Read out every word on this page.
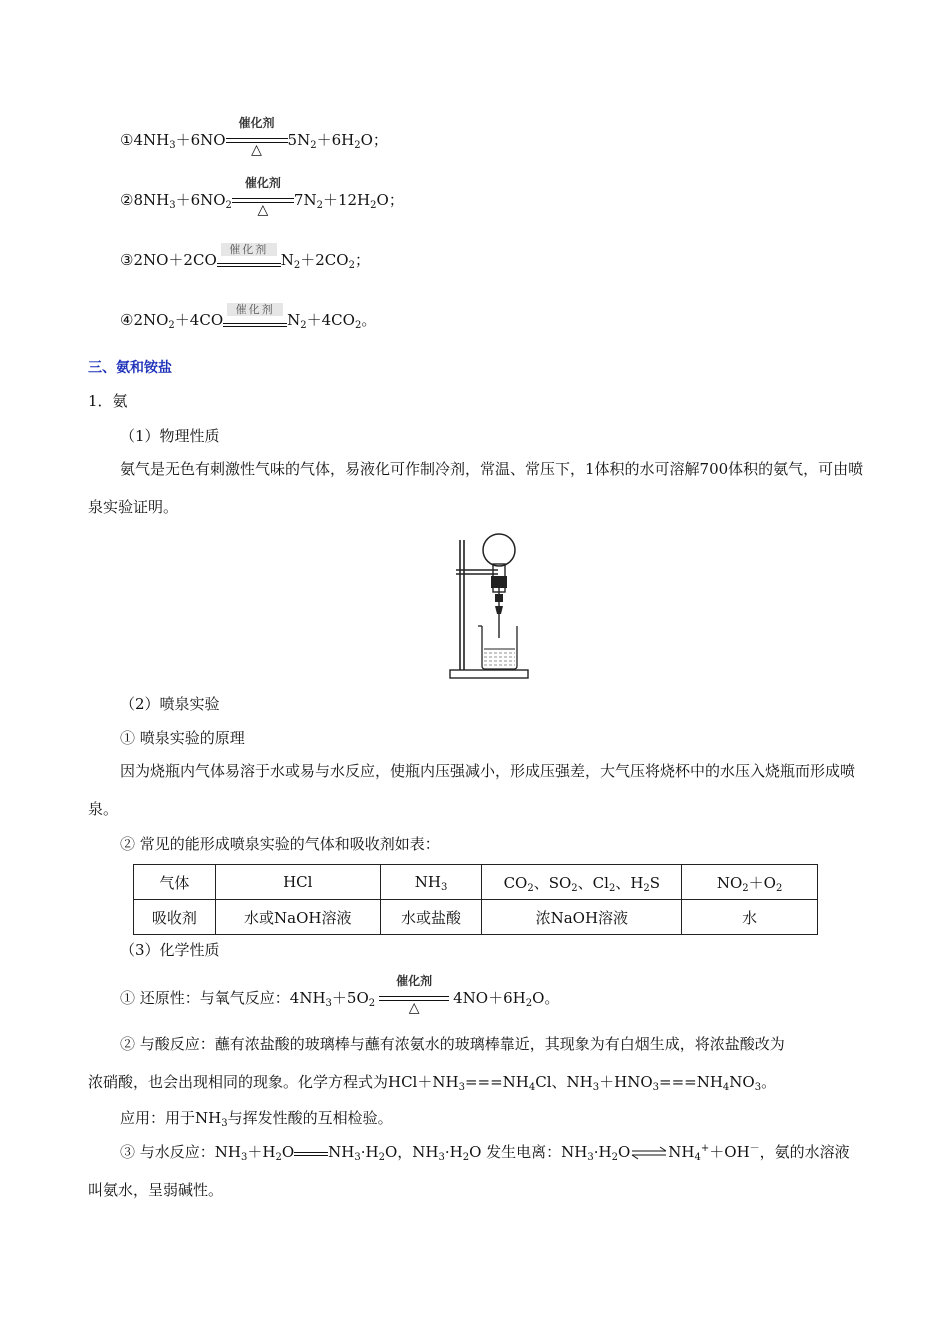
$①4NH_3+6NO$
催化剂
△
$5N_2+6H_2O$；
$②8NH_3+6NO_2$
催化剂
△
$7N_2+12H_2O$；
③2NO＋2CO
催化剂
$N_2+2CO_2$；
$④2NO_2+4CO$
催化剂
$N_2+4CO_2$。
三、氨和铵盐
1．氨
（1）物理性质
氨气是无色有刺激性气味的气体，易液化可作制冷剂，常温、常压下，1体积的水可溶解700体积的氨气，可由喷泉实验证明。
（2）喷泉实验
① 喷泉实验的原理
因为烧瓶内气体易溶于水或易与水反应，使瓶内压强减小，形成压强差，大气压将烧杯中的水压入烧瓶而形成喷泉。
② 常见的能形成喷泉实验的气体和吸收剂如表：
气体	HCl	$NH_3$	$CO_2$、$SO_2$、$Cl_2$、$H_2S$	$NO_2+O_2$
吸收剂	水或NaOH溶液	水或盐酸	浓NaOH溶液	水
（3）化学性质
① 还原性：与氧气反应：$4NH_3+5O_2$
催化剂
△
$4NO+6H_2O$。
② 与酸反应：蘸有浓盐酸的玻璃棒与蘸有浓氨水的玻璃棒靠近，其现象为有白烟生成，将浓盐酸改为
浓硝酸，也会出现相同的现象。化学方程式为$HCl+NH_3===NH_4Cl$、$NH_3+HNO_3===NH_4NO_3$。
应用：用于$NH_3$与挥发性酸的互相检验。
③ 与水反应：$NH_3+H_2O$ $NH_3\cdot H_2O$，$NH_3\cdot H_2O$ 发生电离：$NH_3\cdot H_2O\rightleftharpoons NH_4^++OH^-$，氨的水溶液
叫氨水，呈弱碱性。
